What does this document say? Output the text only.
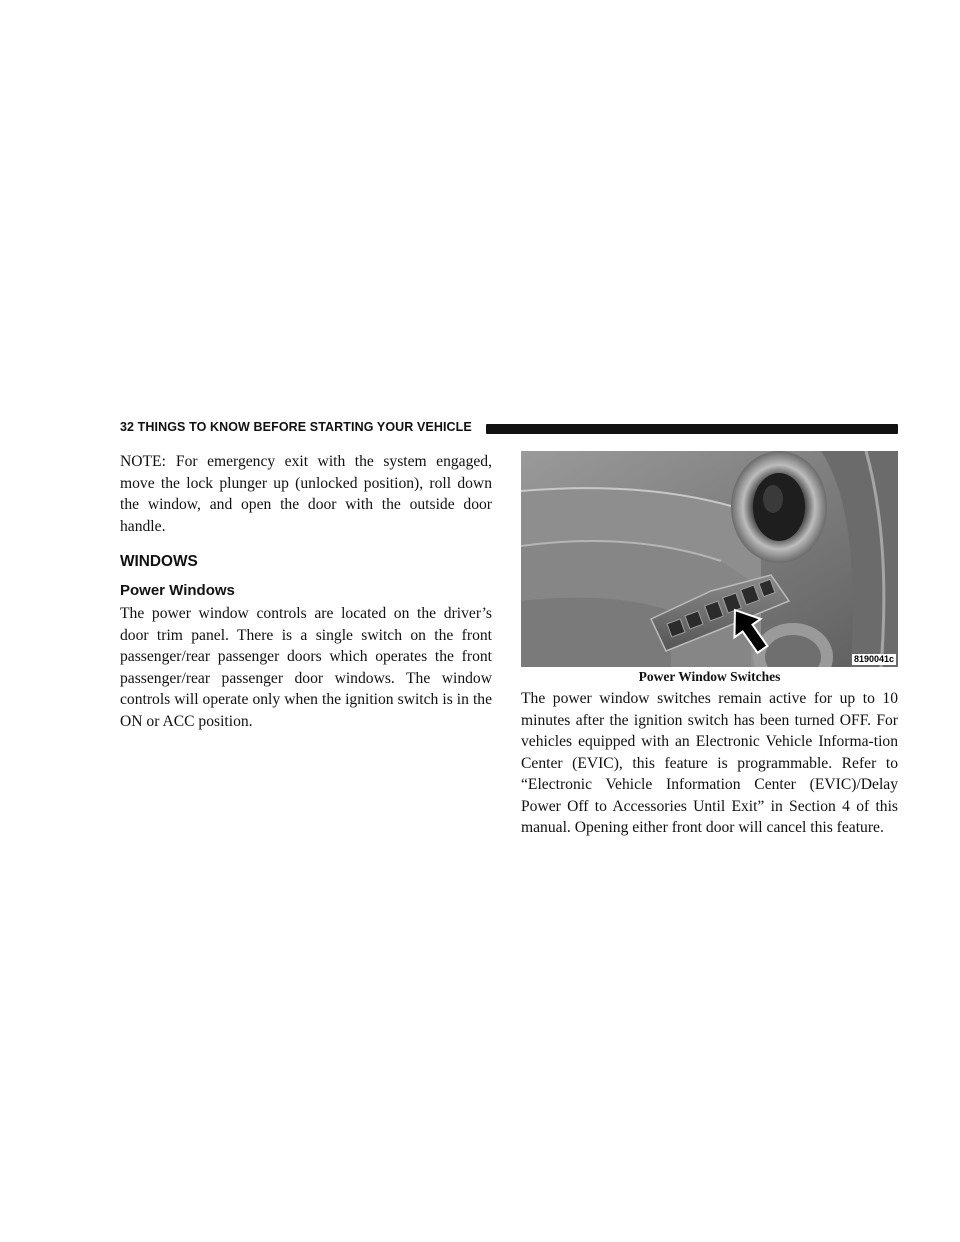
32 THINGS TO KNOW BEFORE STARTING YOUR VEHICLE

NOTE: For emergency exit with the system engaged, move the lock plunger up (unlocked position), roll down the window, and open the door with the outside door handle.

WINDOWS
Power Windows

The power window controls are located on the driver’s door trim panel. There is a single switch on the front passenger/rear passenger doors which operates the front passenger/rear passenger door windows. The window controls will operate only when the ignition switch is in the ON or ACC position.

8190041c
Power Window Switches

The power window switches remain active for up to 10 minutes after the ignition switch has been turned OFF. For vehicles equipped with an Electronic Vehicle Informa-tion Center (EVIC), this feature is programmable. Refer to “Electronic Vehicle Information Center (EVIC)/Delay Power Off to Accessories Until Exit” in Section 4 of this manual. Opening either front door will cancel this feature.
